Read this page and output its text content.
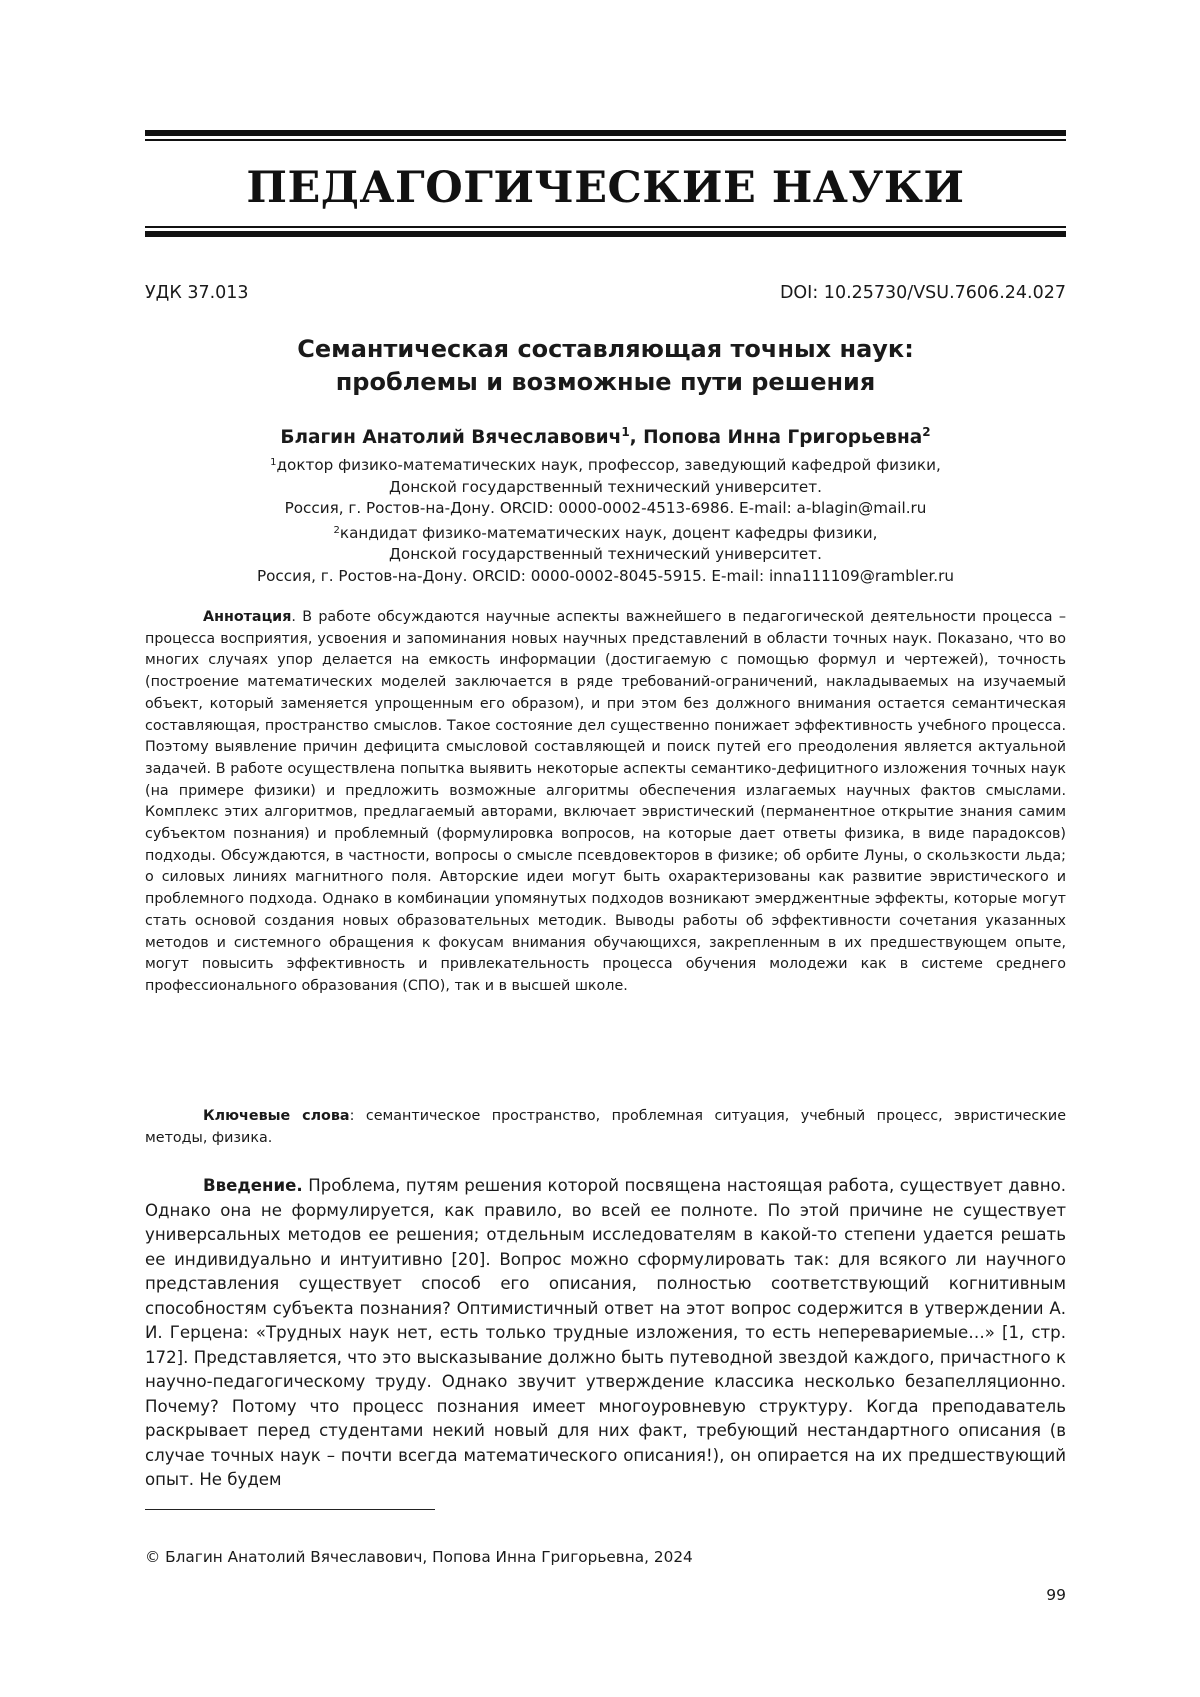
ПЕДАГОГИЧЕСКИЕ НАУКИ
УДК 37.013	DOI: 10.25730/VSU.7606.24.027
Семантическая составляющая точных наук:
проблемы и возможные пути решения
Благин Анатолий Вячеславович$^1$, Попова Инна Григорьевна$^2$
$^1$доктор физико-математических наук, профессор, заведующий кафедрой физики,
Донской государственный технический университет.
Россия, г. Ростов-на-Дону. ORCID: 0000-0002-4513-6986. E-mail: a-blagin@mail.ru
$^2$кандидат физико-математических наук, доцент кафедры физики,
Донской государственный технический университет.
Россия, г. Ростов-на-Дону. ORCID: 0000-0002-8045-5915. E-mail: inna111109@rambler.ru
Аннотация. В работе обсуждаются научные аспекты важнейшего в педагогической деятельности процесса – процесса восприятия, усвоения и запоминания новых научных представлений в области точных наук. Показано, что во многих случаях упор делается на емкость информации (достигаемую с помощью формул и чертежей), точность (построение математических моделей заключается в ряде требований-ограничений, накладываемых на изучаемый объект, который заменяется упрощенным его образом), и при этом без должного внимания остается семантическая составляющая, пространство смыслов. Такое состояние дел существенно понижает эффективность учебного процесса. Поэтому выявление причин дефицита смысловой составляющей и поиск путей его преодоления является актуальной задачей. В работе осуществлена попытка выявить некоторые аспекты семантико-дефицитного изложения точных наук (на примере физики) и предложить возможные алгоритмы обеспечения излагаемых научных фактов смыслами. Комплекс этих алгоритмов, предлагаемый авторами, включает эвристический (перманентное открытие знания самим субъектом познания) и проблемный (формулировка вопросов, на которые дает ответы физика, в виде парадоксов) подходы. Обсуждаются, в частности, вопросы о смысле псевдовекторов в физике; об орбите Луны, о скользкости льда; о силовых линиях магнитного поля. Авторские идеи могут быть охарактеризованы как развитие эвристического и проблемного подхода. Однако в комбинации упомянутых подходов возникают эмерджентные эффекты, которые могут стать основой создания новых образовательных методик. Выводы работы об эффективности сочетания указанных методов и системного обращения к фокусам внимания обучающихся, закрепленным в их предшествующем опыте, могут повысить эффективность и привлекательность процесса обучения молодежи как в системе среднего профессионального образования (СПО), так и в высшей школе.
Ключевые слова: семантическое пространство, проблемная ситуация, учебный процесс, эвристические методы, физика.
Введение. Проблема, путям решения которой посвящена настоящая работа, существует давно. Однако она не формулируется, как правило, во всей ее полноте. По этой причине не существует универсальных методов ее решения; отдельным исследователям в какой-то степени удается решать ее индивидуально и интуитивно [20]. Вопрос можно сформулировать так: для всякого ли научного представления существует способ его описания, полностью соответствующий когнитивным способностям субъекта познания? Оптимистичный ответ на этот вопрос содержится в утверждении А. И. Герцена: «Трудных наук нет, есть только трудные изложения, то есть неперевариемые…» [1, стр. 172]. Представляется, что это высказывание должно быть путеводной звездой каждого, причастного к научно-педагогическому труду. Однако звучит утверждение классика несколько безапелляционно. Почему? Потому что процесс познания имеет многоуровневую структуру. Когда преподаватель раскрывает перед студентами некий новый для них факт, требующий нестандартного описания (в случае точных наук – почти всегда математического описания!), он опирается на их предшествующий опыт. Не будем
© Благин Анатолий Вячеславович, Попова Инна Григорьевна, 2024
99
